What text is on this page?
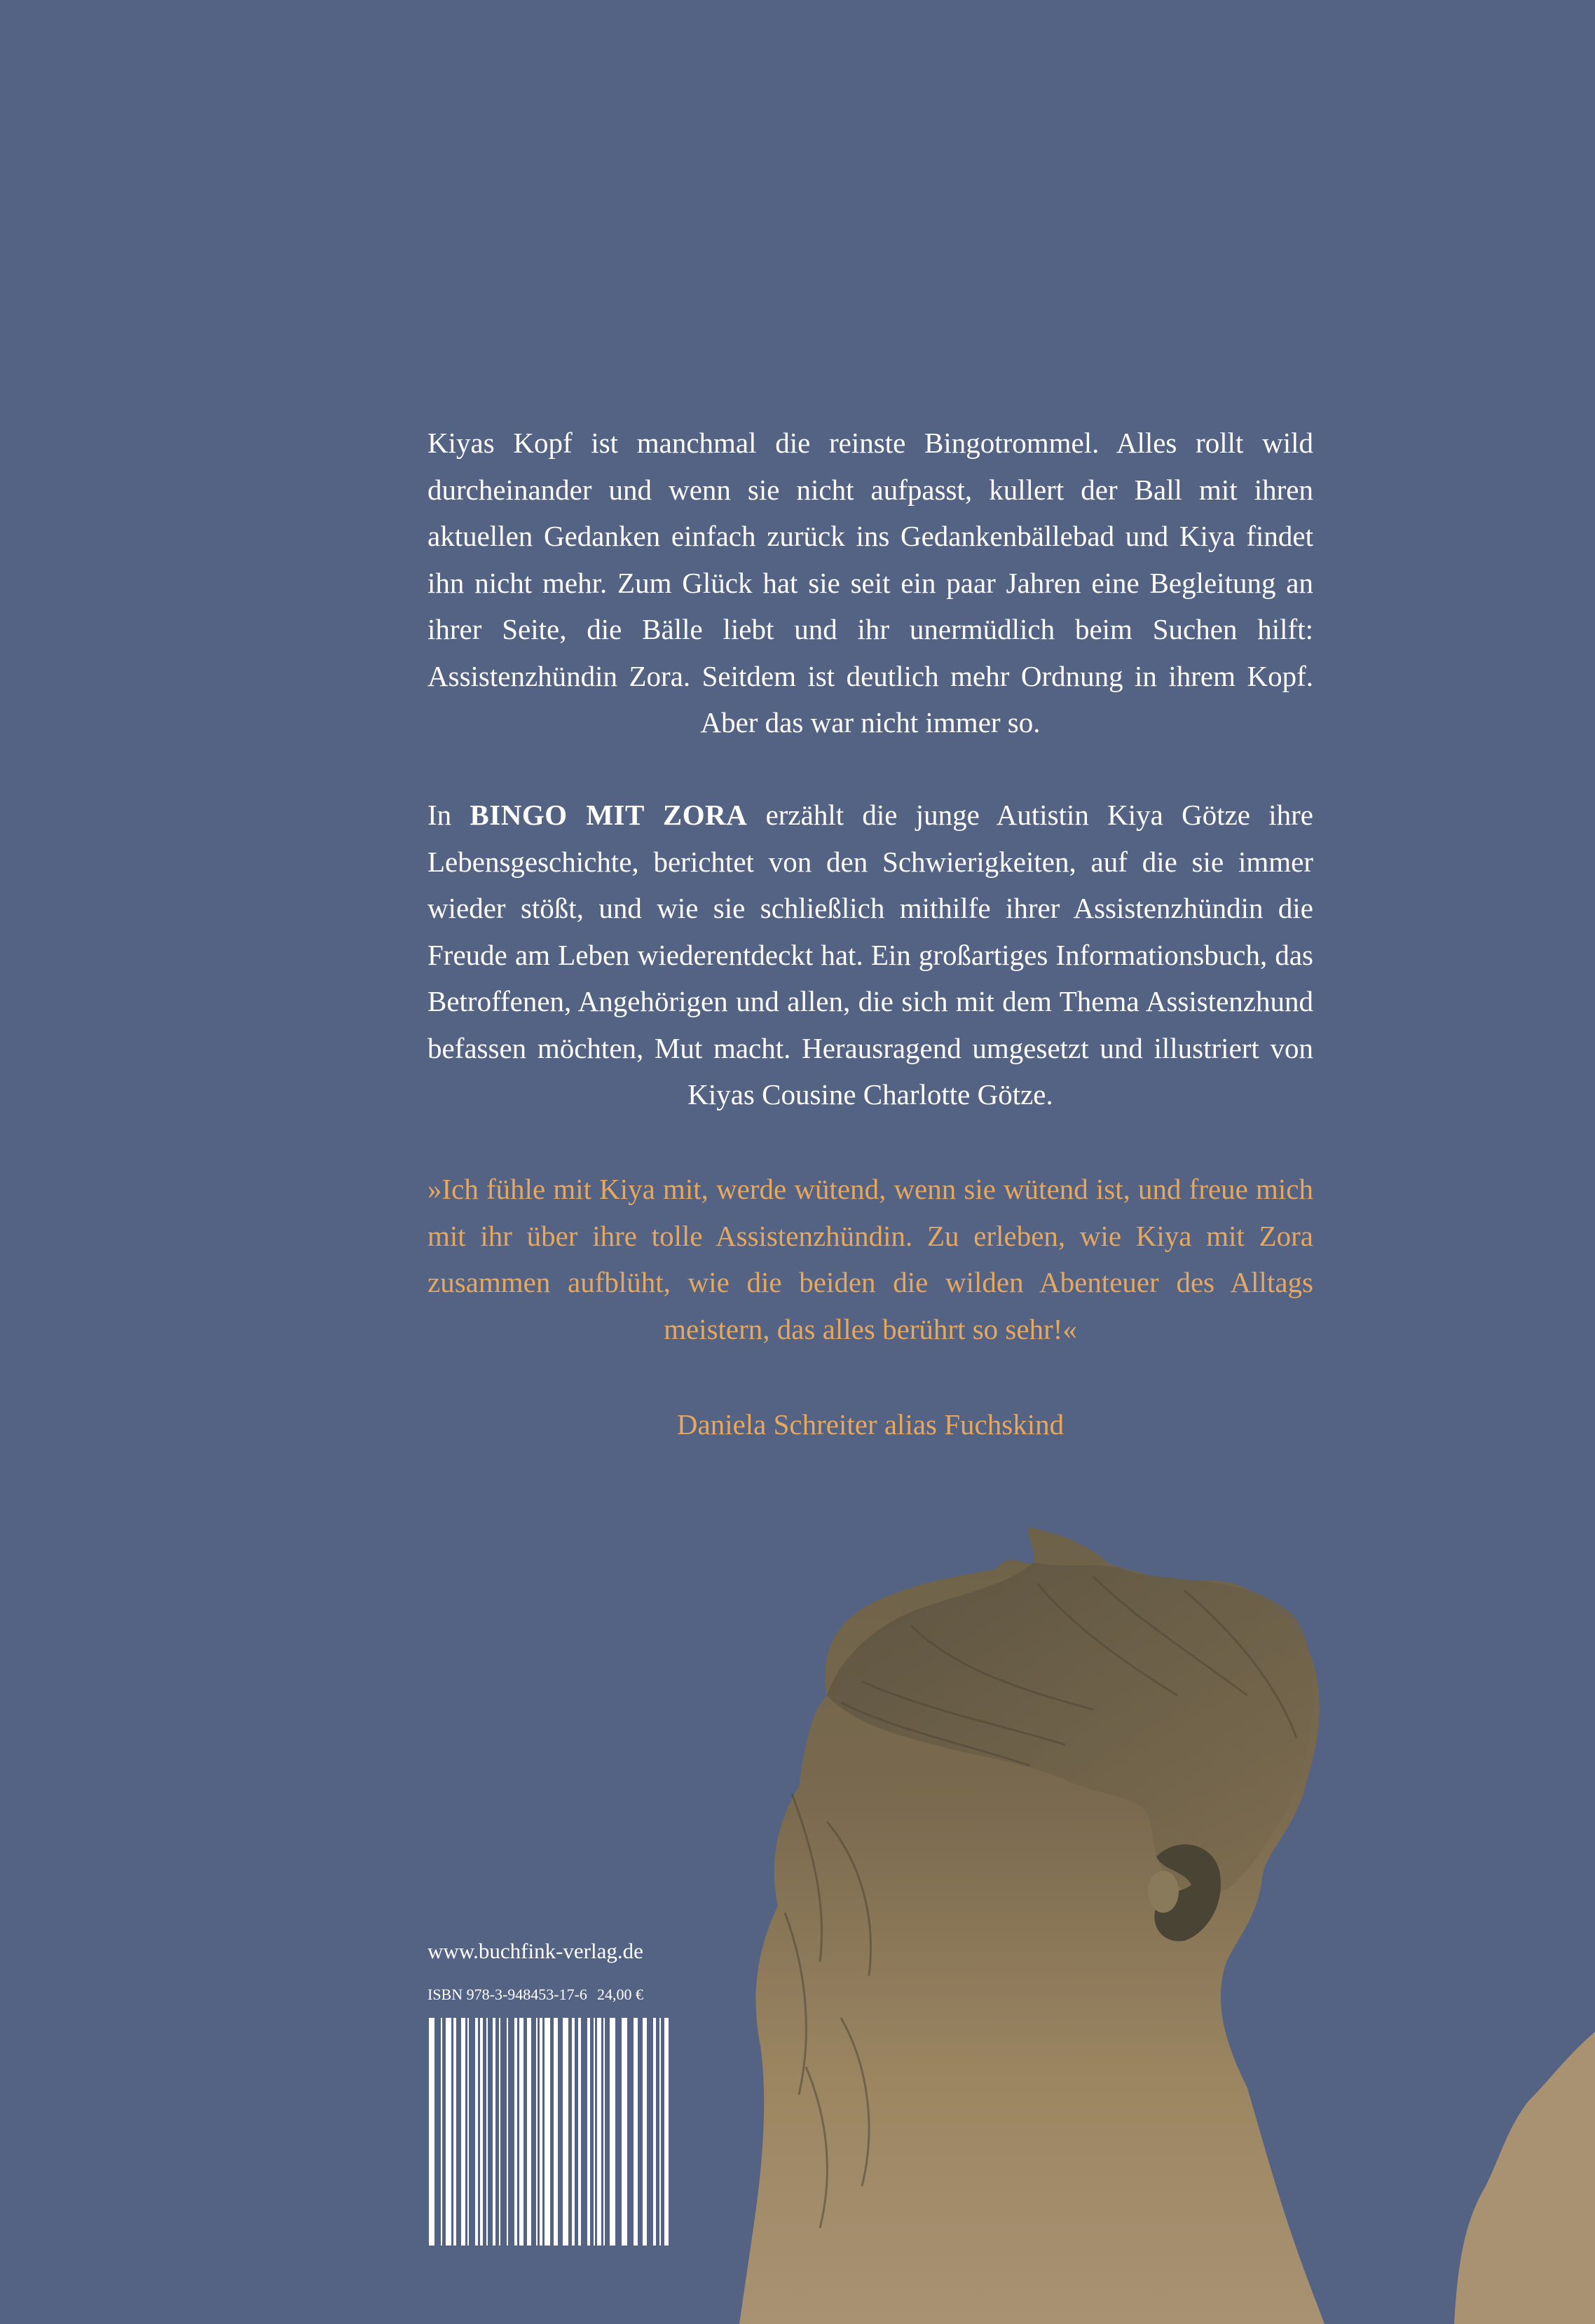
Kiyas Kopf ist manchmal die reinste Bingotrommel. Alles rollt wild durcheinander und wenn sie nicht aufpasst, kullert der Ball mit ihren aktuellen Gedanken einfach zurück ins Gedankenbällebad und Kiya findet ihn nicht mehr. Zum Glück hat sie seit ein paar Jahren eine Begleitung an ihrer Seite, die Bälle liebt und ihr unermüdlich beim Suchen hilft: Assistenzhündin Zora. Seitdem ist deutlich mehr Ordnung in ihrem Kopf. Aber das war nicht immer so.

In BINGO MIT ZORA erzählt die junge Autistin Kiya Götze ihre Lebensgeschichte, berichtet von den Schwierigkeiten, auf die sie immer wieder stößt, und wie sie schließlich mithilfe ihrer Assistenzhündin die Freude am Leben wiederentdeckt hat. Ein großartiges Informationsbuch, das Betroffenen, Angehörigen und allen, die sich mit dem Thema Assistenzhund befassen möchten, Mut macht. Herausragend umgesetzt und illustriert von Kiyas Cousine Charlotte Götze.

»Ich fühle mit Kiya mit, werde wütend, wenn sie wütend ist, und freue mich mit ihr über ihre tolle Assistenzhündin. Zu erleben, wie Kiya mit Zora zusammen aufblüht, wie die beiden die wilden Abenteuer des Alltags meistern, das alles berührt so sehr!«

Daniela Schreiter alias Fuchskind

www.buchfink-verlag.de

ISBN 978-3-948453-17-6 24,00 €
